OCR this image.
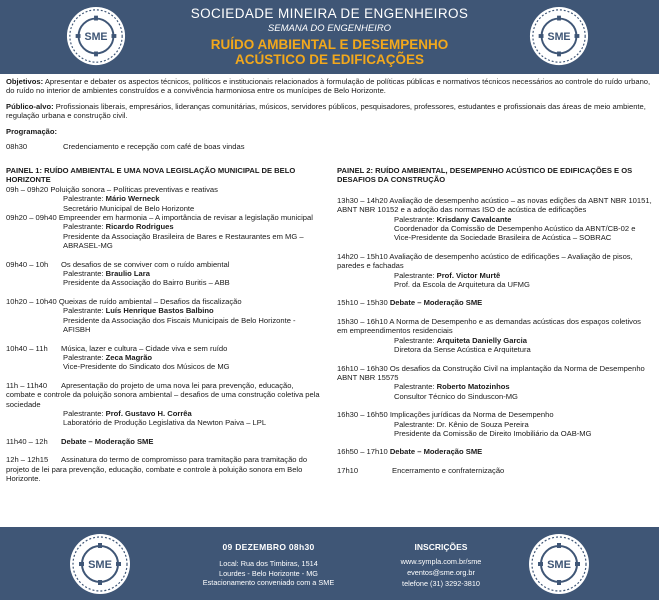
SME	SME
SOCIEDADE MINEIRA DE ENGENHEIROS
SEMANA DO ENGENHEIRO
RUÍDO AMBIENTAL E DESEMPENHO
ACÚSTICO DE EDIFICAÇÕES

Objetivos: Apresentar e debater os aspectos técnicos, políticos e institucionais relacionados à formulação de políticas públicas e normativos técnicos necessários ao controle do ruído urbano, do ruído no interior de ambientes construídos e a convivência harmoniosa entre os munícipes de Belo Horizonte.

Público-alvo: Profissionais liberais, empresários, lideranças comunitárias, músicos, servidores públicos, pesquisadores, professores, estudantes e profissionais das áreas de meio ambiente, regulação urbana e construção civil.

Programação:

08h30	Credenciamento e recepção com café de boas vindas

PAINEL 1: RUÍDO AMBIENTAL E UMA NOVA LEGISLAÇÃO MUNICIPAL DE BELO HORIZONTE
09h – 09h20 Poluição sonora – Políticas preventivas e reativas
Palestrante: Mário Werneck
Secretário Municipal de Belo Horizonte
09h20 – 09h40 Empreender em harmonia – A importância de revisar a legislação municipal
Palestrante: Ricardo Rodrigues
Presidente da Associação Brasileira de Bares e Restaurantes em MG – ABRASEL-MG
09h40 – 10h Os desafios de se conviver com o ruído ambiental
Palestrante: Braulio Lara
Presidente da Associação do Bairro Buritis – ABB
10h20 – 10h40 Queixas de ruído ambiental – Desafios da fiscalização
Palestrante: Luís Henrique Bastos Balbino
Presidente da Associação dos Fiscais Municipais de Belo Horizonte - AFISBH
10h40 – 11h Música, lazer e cultura – Cidade viva e sem ruído
Palestrante: Zeca Magrão
Vice-Presidente do Sindicato dos Músicos de MG
11h – 11h40 Apresentação do projeto de uma nova lei para prevenção, educação, combate e controle da poluição sonora ambiental – desafios de uma construção coletiva pela sociedade
Palestrante: Prof. Gustavo H. Corrêa
Laboratório de Produção Legislativa da Newton Paiva – LPL
11h40 – 12h Debate – Moderação SME
12h – 12h15 Assinatura do termo de compromisso para tramitação para tramitação do projeto de lei para prevenção, educação, combate e controle à poluição sonora em Belo Horizonte.
PAINEL 2: RUÍDO AMBIENTAL, DESEMPENHO ACÚSTICO DE EDIFICAÇÕES E OS DESAFIOS DA CONSTRUÇÃO
13h30 – 14h20 Avaliação de desempenho acústico – as novas edições da ABNT NBR 10151, ABNT NBR 10152 e a adoção das normas ISO de acústica de edificações
Palestrante: Krisdany Cavalcante
Coordenador da Comissão de Desempenho Acústico da ABNT/CB-02 e Vice-Presidente da Sociedade Brasileira de Acústica – SOBRAC
14h20 – 15h10 Avaliação de desempenho acústico de edificações – Avaliação de pisos, paredes e fachadas
Palestrante: Prof. Victor Murtê
Prof. da Escola de Arquitetura da UFMG
15h10 – 15h30 Debate – Moderação SME
15h30 – 16h10 A Norma de Desempenho e as demandas acústicas dos espaços coletivos em empreendimentos residenciais
Palestrante: Arquiteta Danielly Garcia
Diretora da Sense Acústica e Arquitetura
16h10 – 16h30 Os desafios da Construção Civil na implantação da Norma de Desempenho ABNT NBR 15575
Palestrante: Roberto Matozinhos
Consultor Técnico do Sinduscon-MG
16h30 – 16h50 Implicações jurídicas da Norma de Desempenho
Palestrante: Dr. Kênio de Souza Pereira
Presidente da Comissão de Direito Imobiliário da OAB-MG
16h50 – 17h10 Debate – Moderação SME
17h10	Encerramento e confraternização
SME	SME
09 DEZEMBRO 08h30
Local: Rua dos Timbiras, 1514
Lourdes - Belo Horizonte - MG
Estacionamento conveniado com a SME
INSCRIÇÕES
www.sympla.com.br/sme
eventos@sme.org.br
telefone (31) 3292-3810
